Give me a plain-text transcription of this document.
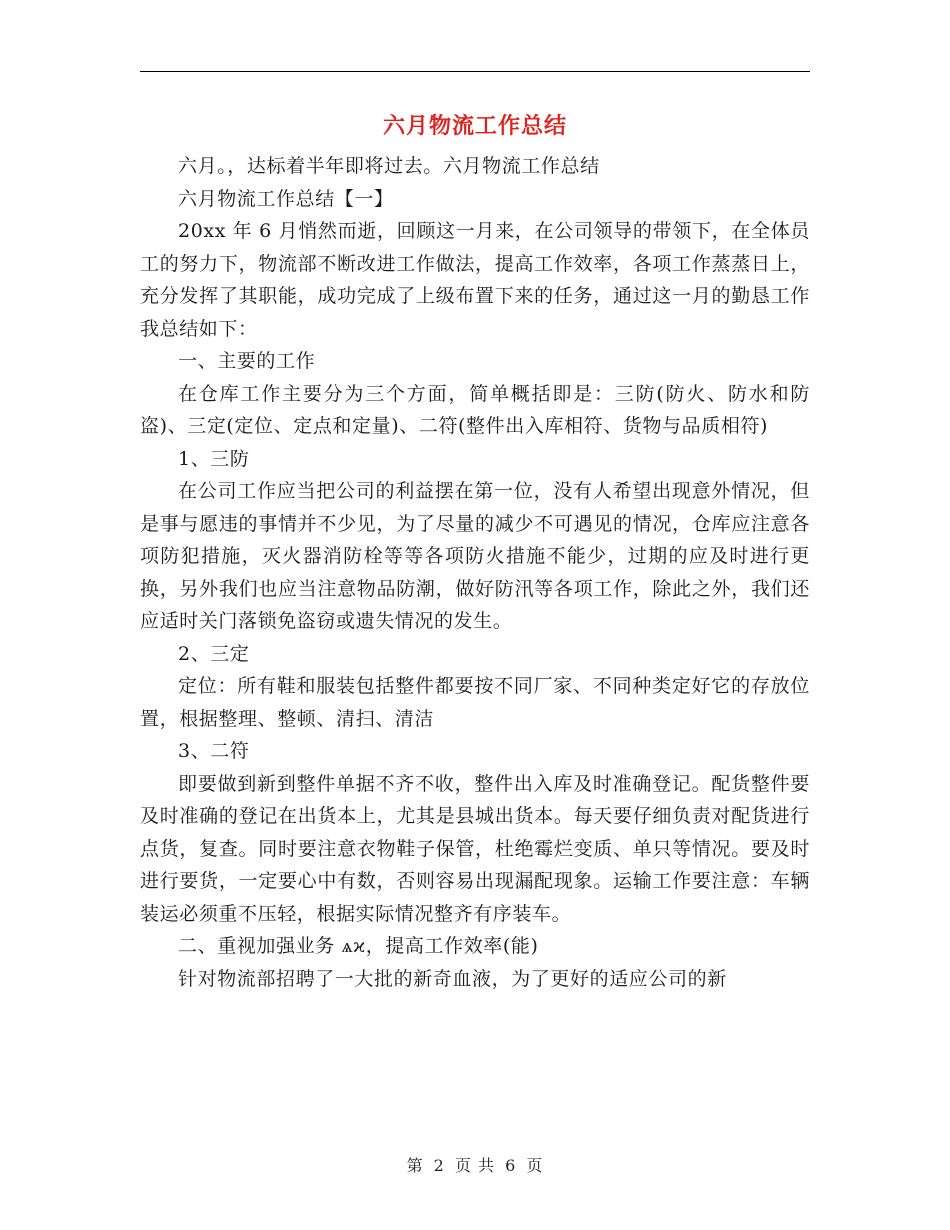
六月物流工作总结

六月。，达标着半年即将过去。六月物流工作总结

六月物流工作总结【一】

20xx 年 6 月悄然而逝，回顾这一月来，在公司领导的带领下，在全体员工的努力下，物流部不断改进工作做法，提高工作效率，各项工作蒸蒸日上，充分发挥了其职能，成功完成了上级布置下来的任务，通过这一月的勤恳工作我总结如下：

一、主要的工作

在仓库工作主要分为三个方面，简单概括即是：三防(防火、防水和防盗)、三定(定位、定点和定量)、二符(整件出入库相符、货物与品质相符)

1、三防

在公司工作应当把公司的利益摆在第一位，没有人希望出现意外情况，但是事与愿违的事情并不少见，为了尽量的减少不可遇见的情况，仓库应注意各项防犯措施，灭火器消防栓等等各项防火措施不能少，过期的应及时进行更换，另外我们也应当注意物品防潮，做好防汛等各项工作，除此之外，我们还应适时关门落锁免盗窃或遗失情况的发生。

2、三定

定位：所有鞋和服装包括整件都要按不同厂家、不同种类定好它的存放位置，根据整理、整顿、清扫、清洁

3、二符

即要做到新到整件单据不齐不收，整件出入库及时准确登记。配货整件要及时准确的登记在出货本上，尤其是县城出货本。每天要仔细负责对配货进行点货，复查。同时要注意衣物鞋子保管，杜绝霉烂变质、单只等情况。要及时进行要货，一定要心中有数，否则容易出现漏配现象。运输工作要注意：车辆装运必须重不压轻，根据实际情况整齐有序装车。

二、重视加强业务 ѧϰ，提高工作效率(能)

针对物流部招聘了一大批的新奇血液，为了更好的适应公司的新

第 2 页 共 6 页
